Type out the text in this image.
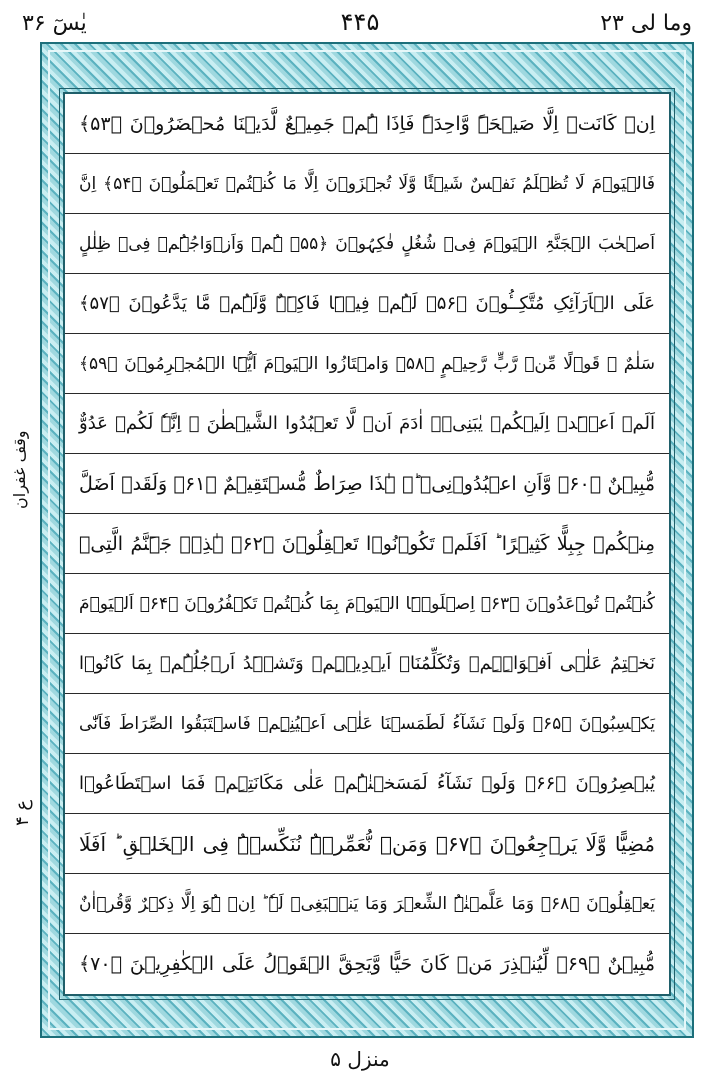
وما لی ۲۳
۴۴۵
یٰسٓ ۳۶
اِنۡ کَانَتۡ اِلَّا صَیۡحَۃً وَّاحِدَۃً فَاِذَا ہُمۡ جَمِیۡعٌ لَّدَیۡنَا مُحۡضَرُوۡنَ ﴿۵۳﴾
فَالۡیَوۡمَ لَا تُظۡلَمُ نَفۡسٌ شَیۡئًا وَّلَا تُجۡزَوۡنَ اِلَّا مَا کُنۡتُمۡ تَعۡمَلُوۡنَ ﴿۵۴﴾ اِنَّ
اَصۡحٰبَ الۡجَنَّۃِ الۡیَوۡمَ فِیۡ شُغُلٍ فٰکِہُوۡنَ ﴿۵۵﴾ ہُمۡ وَاَزۡوَاجُہُمۡ فِیۡ ظِلٰلٍ
عَلَی الۡاَرَآئِکِ مُتَّکِــُٔوۡنَ ﴿۵۶﴾ لَہُمۡ فِیۡہَا فَاکِہَۃٌ وَّلَہُمۡ مَّا یَدَّعُوۡنَ ﴿۵۷﴾
سَلٰمٌ ۟ قَوۡلًا مِّنۡ رَّبٍّ رَّحِیۡمٍ ﴿۵۸﴾ وَامۡتَازُوا الۡیَوۡمَ اَیُّہَا الۡمُجۡرِمُوۡنَ ﴿۵۹﴾
اَلَمۡ اَعۡہَدۡ اِلَیۡکُمۡ یٰبَنِیۡۤ اٰدَمَ اَنۡ لَّا تَعۡبُدُوا الشَّیۡطٰنَ ۚ اِنَّہٗ لَکُمۡ عَدُوٌّ
مُّبِیۡنٌ ﴿۶۰﴾ وَّاَنِ اعۡبُدُوۡنِیۡ ؕؔ ہٰذَا صِرَاطٌ مُّسۡتَقِیۡمٌ ﴿۶۱﴾ وَلَقَدۡ اَضَلَّ
مِنۡکُمۡ جِبِلًّا کَثِیۡرًا ؕ اَفَلَمۡ تَکُوۡنُوۡا تَعۡقِلُوۡنَ ﴿۶۲﴾ ہٰذِہٖ جَہَنَّمُ الَّتِیۡ
کُنۡتُمۡ تُوۡعَدُوۡنَ ﴿۶۳﴾ اِصۡلَوۡہَا الۡیَوۡمَ بِمَا کُنۡتُمۡ تَکۡفُرُوۡنَ ﴿۶۴﴾ اَلۡیَوۡمَ
نَخۡتِمُ عَلٰۤی اَفۡوَاہِہِمۡ وَتُکَلِّمُنَاۤ اَیۡدِیۡہِمۡ وَتَشۡہَدُ اَرۡجُلُہُمۡ بِمَا کَانُوۡا
یَکۡسِبُوۡنَ ﴿۶۵﴾ وَلَوۡ نَشَآءُ لَطَمَسۡنَا عَلٰۤی اَعۡیُنِہِمۡ فَاسۡتَبَقُوا الصِّرَاطَ فَاَنّٰی
یُبۡصِرُوۡنَ ﴿۶۶﴾ وَلَوۡ نَشَآءُ لَمَسَخۡنٰہُمۡ عَلٰی مَکَانَتِہِمۡ فَمَا اسۡتَطَاعُوۡا
مُضِیًّا وَّلَا یَرۡجِعُوۡنَ ﴿۶۷﴾ وَمَنۡ نُّعَمِّرۡہُ نُنَکِّسۡہُ فِی الۡخَلۡقِ ؕ اَفَلَا
یَعۡقِلُوۡنَ ﴿۶۸﴾ وَمَا عَلَّمۡنٰہُ الشِّعۡرَ وَمَا یَنۡۢبَغِیۡ لَہٗ ؕ اِنۡ ہُوَ اِلَّا ذِکۡرٌ وَّقُرۡاٰنٌ
مُّبِیۡنٌ ﴿۶۹﴾ لِّیُنۡذِرَ مَنۡ کَانَ حَیًّا وَّیَحِقَّ الۡقَوۡلُ عَلَی الۡکٰفِرِیۡنَ ﴿۷۰﴾
وقف غفران
ع ۴
منزل ۵
